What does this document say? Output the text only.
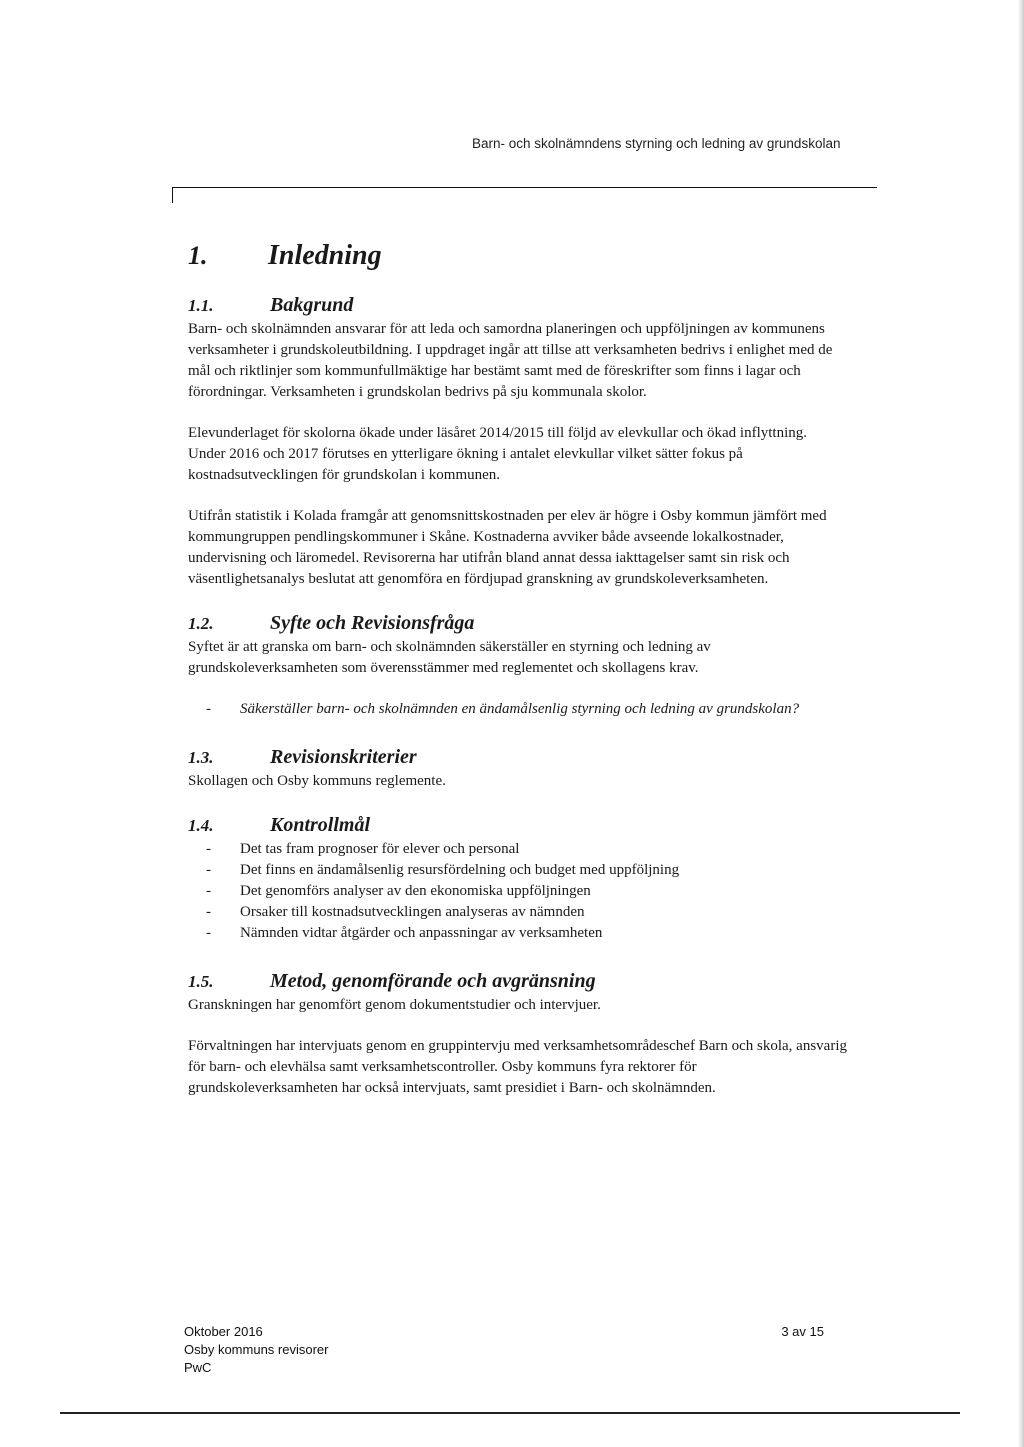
Barn- och skolnämndens styrning och ledning av grundskolan
1.	Inledning
1.1.	Bakgrund

Barn- och skolnämnden ansvarar för att leda och samordna planeringen och uppföljningen av kommunens verksamheter i grundskoleutbildning. I uppdraget ingår att tillse att verksamheten bedrivs i enlighet med de mål och riktlinjer som kommunfullmäktige har bestämt samt med de föreskrifter som finns i lagar och förordningar. Verksamheten i grundskolan bedrivs på sju kommunala skolor.

Elevunderlaget för skolorna ökade under läsåret 2014/2015 till följd av elevkullar och ökad inflyttning. Under 2016 och 2017 förutses en ytterligare ökning i antalet elevkullar vilket sätter fokus på kostnadsutvecklingen för grundskolan i kommunen.

Utifrån statistik i Kolada framgår att genomsnittskostnaden per elev är högre i Osby kommun jämfört med kommungruppen pendlingskommuner i Skåne. Kostnaderna avviker både avseende lokalkostnader, undervisning och läromedel. Revisorerna har utifrån bland annat dessa iakttagelser samt sin risk och väsentlighetsanalys beslutat att genomföra en fördjupad granskning av grundskoleverksamheten.

1.2.	Syfte och Revisionsfråga

Syftet är att granska om barn- och skolnämnden säkerställer en styrning och ledning av grundskoleverksamheten som överensstämmer med reglementet och skollagens krav.

- Säkerställer barn- och skolnämnden en ändamålsenlig styrning och ledning av grundskolan?
1.3.	Revisionskriterier

Skollagen och Osby kommuns reglemente.

1.4.	Kontrollmål
- Det tas fram prognoser för elever och personal
- Det finns en ändamålsenlig resursfördelning och budget med uppföljning
- Det genomförs analyser av den ekonomiska uppföljningen
- Orsaker till kostnadsutvecklingen analyseras av nämnden
- Nämnden vidtar åtgärder och anpassningar av verksamheten
1.5.	Metod, genomförande och avgränsning

Granskningen har genomfört genom dokumentstudier och intervjuer.

Förvaltningen har intervjuats genom en gruppintervju med verksamhetsområdeschef Barn och skola, ansvarig för barn- och elevhälsa samt verksamhetscontroller. Osby kommuns fyra rektorer för grundskoleverksamheten har också intervjuats, samt presidiet i Barn- och skolnämnden.

Oktober 2016
Osby kommuns revisorer
PwC
3 av 15
